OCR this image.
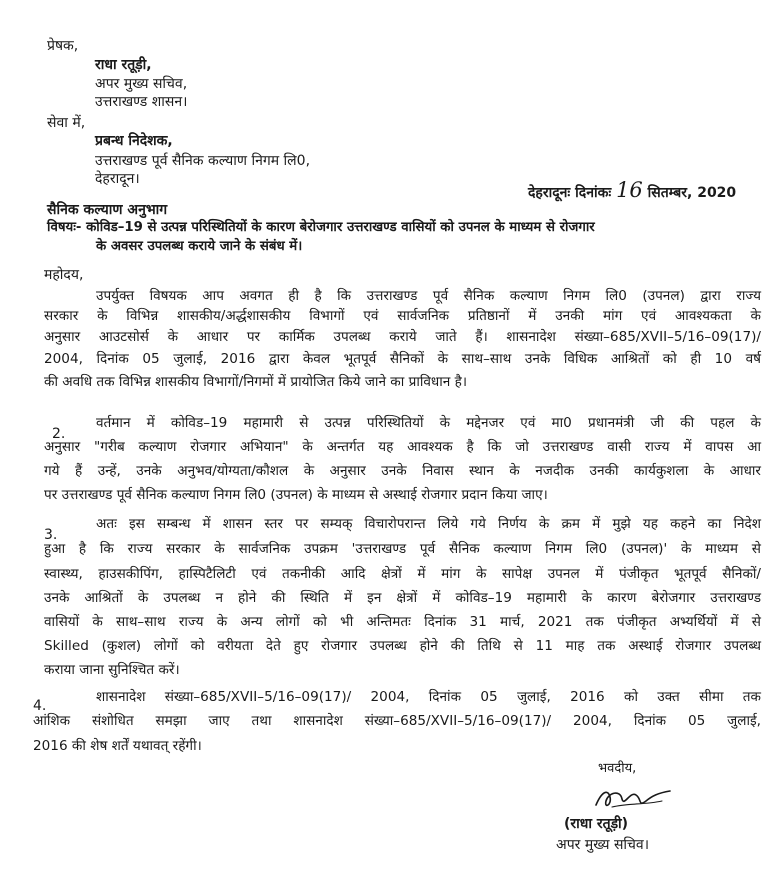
प्रेषक,
राधा रतूड़ी,
अपर मुख्य सचिव,
उत्तराखण्ड शासन।
सेवा में,
प्रबन्ध निदेशक,
उत्तराखण्ड पूर्व सैनिक कल्याण निगम लि0,
देहरादून।
देहरादूनः दिनांकः 16 सितम्बर, 2020
सैनिक कल्याण अनुभाग
विषयः- कोविड–19 से उत्पन्न परिस्थितियों के कारण बेरोजगार उत्तराखण्ड वासियों को उपनल के माध्यम से रोजगार
के अवसर उपलब्ध कराये जाने के संबंध में।
महोदय,
उपर्युक्त विषयक आप अवगत ही है कि उत्तराखण्ड पूर्व सैनिक कल्याण निगम लि0 (उपनल) द्वारा राज्य
सरकार के विभिन्न शासकीय/अर्द्धशासकीय विभागों एवं सार्वजनिक प्रतिष्ठानों में उनकी मांग एवं आवश्यकता के
अनुसार आउटसोर्स के आधार पर कार्मिक उपलब्ध कराये जाते हैं। शासनादेश संख्या–685/XVII–5/16–09(17)/
2004, दिनांक 05 जुलाई, 2016 द्वारा केवल भूतपूर्व सैनिकों के साथ–साथ उनके विधिक आश्रितों को ही 10 वर्ष
की अवधि तक विभिन्न शासकीय विभागों/निगमों में प्रायोजित किये जाने का प्राविधान है।
2.
वर्तमान में कोविड–19 महामारी से उत्पन्न परिस्थितियों के मद्देनजर एवं मा0 प्रधानमंत्री जी की पहल के
अनुसार "गरीब कल्याण रोजगार अभियान" के अन्तर्गत यह आवश्यक है कि जो उत्तराखण्ड वासी राज्य में वापस आ
गये हैं उन्हें, उनके अनुभव/योग्यता/कौशल के अनुसार उनके निवास स्थान के नजदीक उनकी कार्यकुशला के आधार
पर उत्तराखण्ड पूर्व सैनिक कल्याण निगम लि0 (उपनल) के माध्यम से अस्थाई रोजगार प्रदान किया जाए।
3.
अतः इस सम्बन्ध में शासन स्तर पर सम्यक् विचारोपरान्त लिये गये निर्णय के क्रम में मुझे यह कहने का निदेश
हुआ है कि राज्य सरकार के सार्वजनिक उपक्रम 'उत्तराखण्ड पूर्व सैनिक कल्याण निगम लि0 (उपनल)' के माध्यम से
स्वास्थ्य, हाउसकीपिंग, हास्पिटैलिटी एवं तकनीकी आदि क्षेत्रों में मांग के सापेक्ष उपनल में पंजीकृत भूतपूर्व सैनिकों/
उनके आश्रितों के उपलब्ध न होने की स्थिति में इन क्षेत्रों में कोविड–19 महामारी के कारण बेरोजगार उत्तराखण्ड
वासियों के साथ–साथ राज्य के अन्य लोगों को भी अन्तिमतः दिनांक 31 मार्च, 2021 तक पंजीकृत अभ्यर्थियों में से
Skilled (कुशल) लोगों को वरीयता देते हुए रोजगार उपलब्ध होने की तिथि से 11 माह तक अस्थाई रोजगार उपलब्ध
कराया जाना सुनिश्चित करें।
4.
शासनादेश संख्या–685/XVII–5/16–09(17)/ 2004, दिनांक 05 जुलाई, 2016 को उक्त सीमा तक
आंशिक संशोधित समझा जाए तथा शासनादेश संख्या–685/XVII–5/16–09(17)/ 2004, दिनांक 05 जुलाई,
2016 की शेष शर्तें यथावत् रहेंगी।
भवदीय,
(राधा रतूड़ी)
अपर मुख्य सचिव।
